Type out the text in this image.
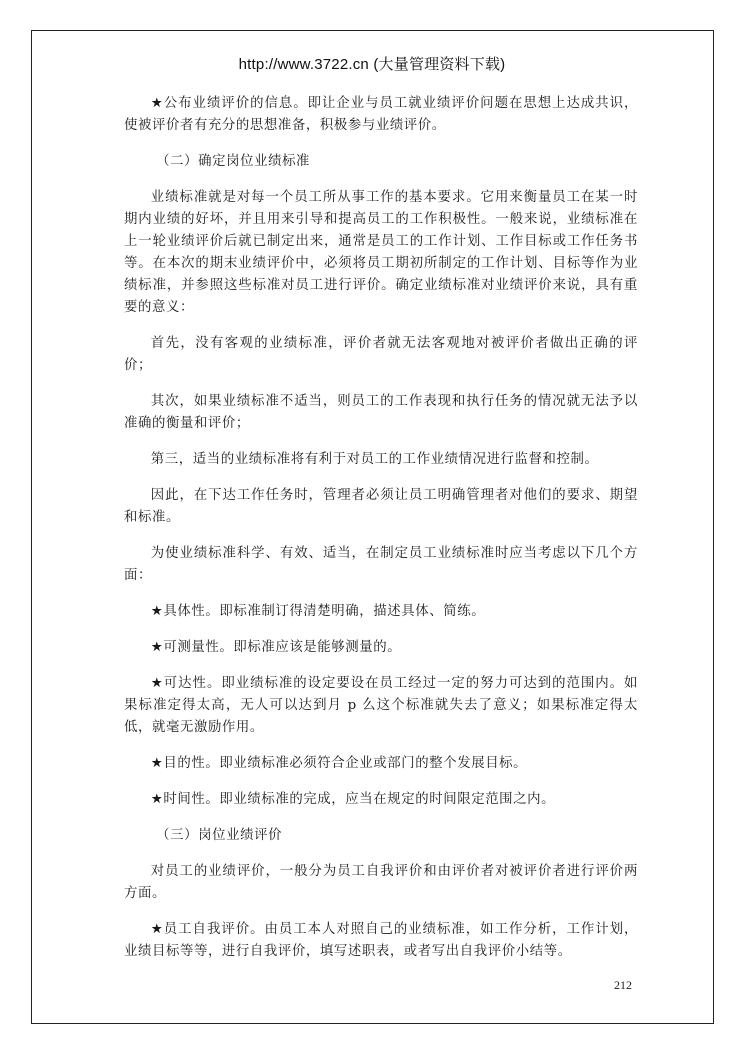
http://www.3722.cn (大量管理资料下载)

★公布业绩评价的信息。即让企业与员工就业绩评价问题在思想上达成共识，使被评价者有充分的思想准备，积极参与业绩评价。

（二）确定岗位业绩标准

业绩标准就是对每一个员工所从事工作的基本要求。它用来衡量员工在某一时期内业绩的好坏，并且用来引导和提高员工的工作积极性。一般来说，业绩标准在上一轮业绩评价后就已制定出来，通常是员工的工作计划、工作目标或工作任务书等。在本次的期末业绩评价中，必须将员工期初所制定的工作计划、目标等作为业绩标准，并参照这些标准对员工进行评价。确定业绩标准对业绩评价来说，具有重要的意义：

首先，没有客观的业绩标准，评价者就无法客观地对被评价者做出正确的评价；

其次，如果业绩标准不适当，则员工的工作表现和执行任务的情况就无法予以准确的衡量和评价；

第三，适当的业绩标准将有利于对员工的工作业绩情况进行监督和控制。

因此，在下达工作任务时，管理者必须让员工明确管理者对他们的要求、期望和标准。

为使业绩标准科学、有效、适当，在制定员工业绩标准时应当考虑以下几个方面：

★具体性。即标准制订得清楚明确，描述具体、简练。

★可测量性。即标准应该是能够测量的。

★可达性。即业绩标准的设定要设在员工经过一定的努力可达到的范围内。如果标准定得太高，无人可以达到月 p 么这个标准就失去了意义；如果标准定得太低，就毫无激励作用。

★目的性。即业绩标准必须符合企业或部门的整个发展目标。

★时间性。即业绩标准的完成，应当在规定的时间限定范围之内。

（三）岗位业绩评价

对员工的业绩评价，一般分为员工自我评价和由评价者对被评价者进行评价两方面。

★员工自我评价。由员工本人对照自己的业绩标准，如工作分析，工作计划，业绩目标等等，进行自我评价，填写述职表，或者写出自我评价小结等。

212
